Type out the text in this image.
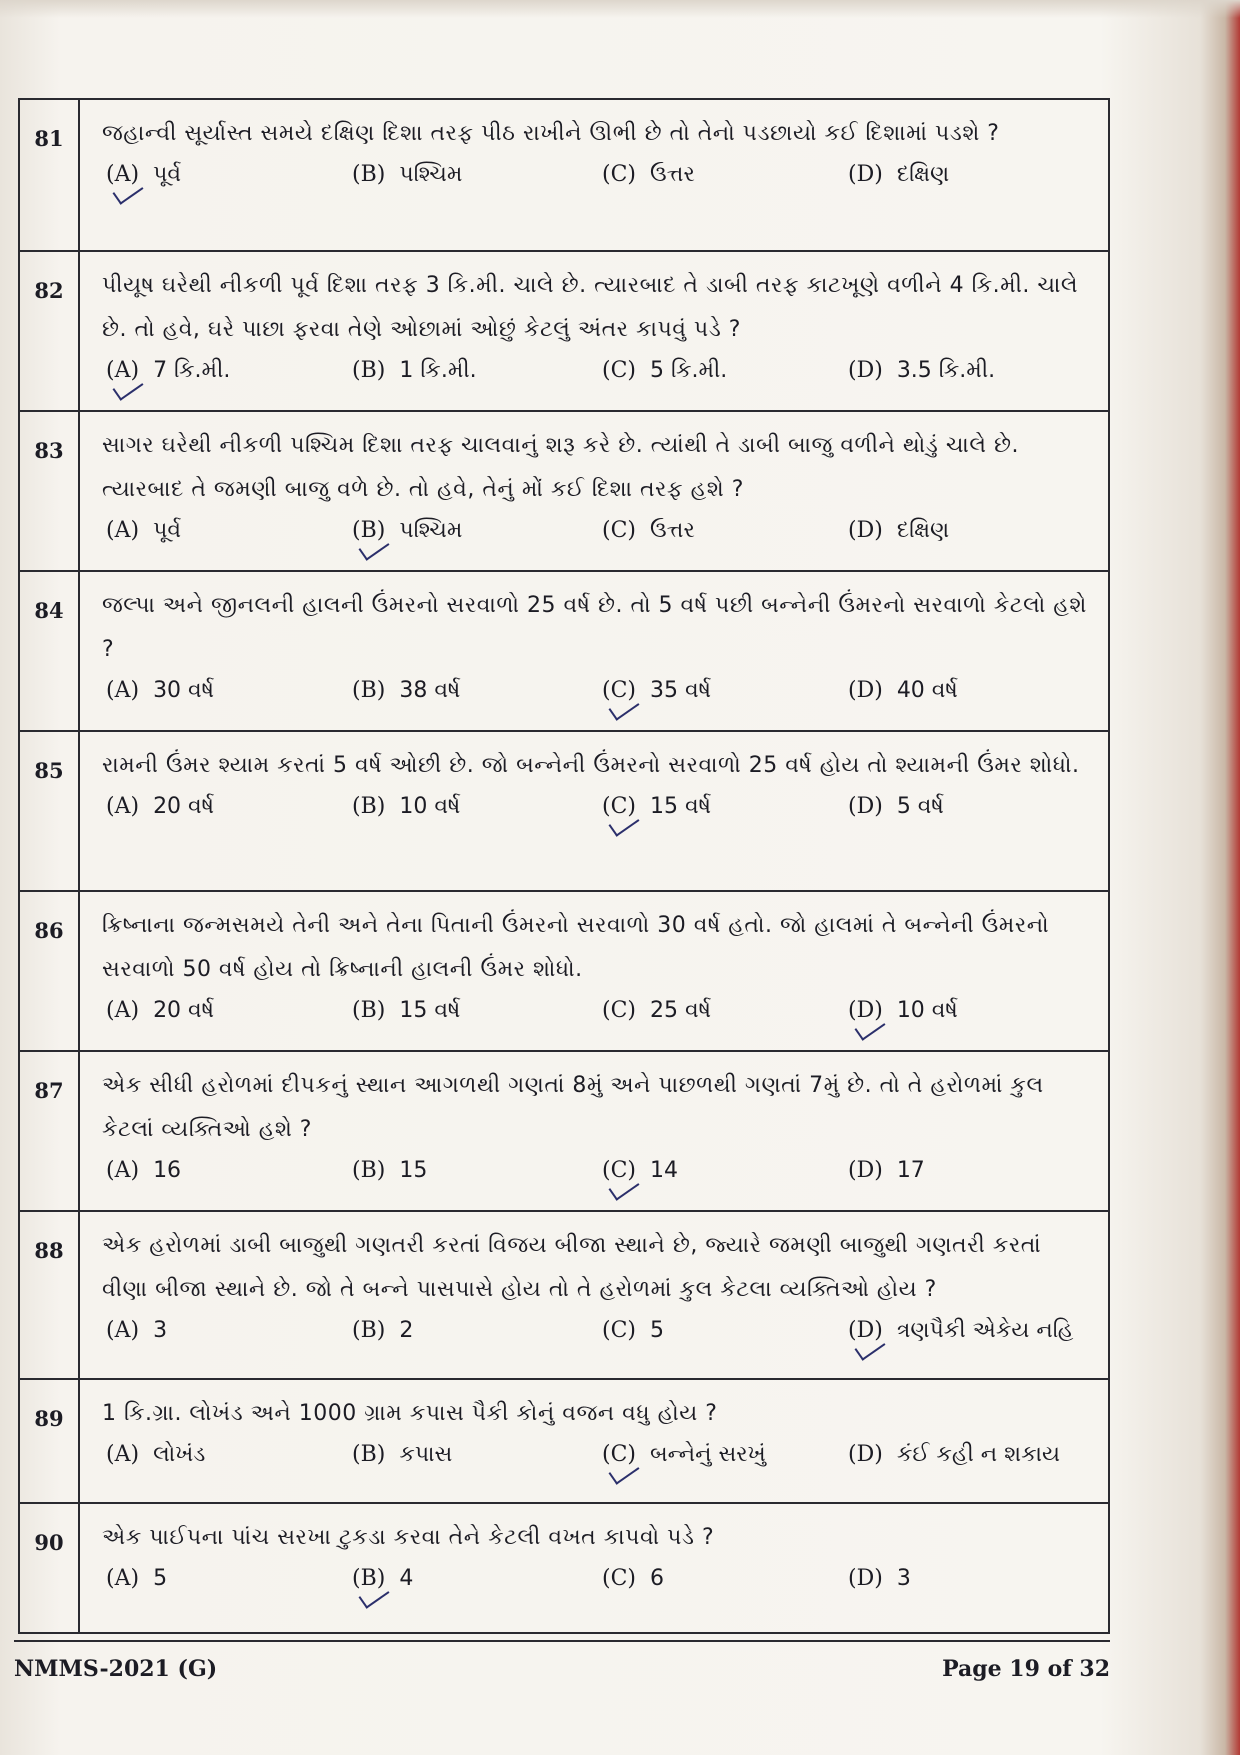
81	જહાન્વી સૂર્યાસ્ત સમયે દક્ષિણ દિશા તરફ પીઠ રાખીને ઊભી છે તો તેનો પડછાયો કઈ દિશામાં પડશે ?
(A) પૂર્વ	(B) પશ્ચિમ	(C) ઉત્તર	(D) દક્ષિણ
82	પીયૂષ ઘરેથી નીકળી પૂર્વ દિશા તરફ 3 કિ.મી. ચાલે છે. ત્યારબાદ તે ડાબી તરફ કાટખૂણે વળીને 4 કિ.મી. ચાલે છે. તો હવે, ઘરે પાછા ફરવા તેણે ઓછામાં ઓછું કેટલું અંતર કાપવું પડે ?
(A) 7 કિ.મી.	(B) 1 કિ.મી.	(C) 5 કિ.મી.	(D) 3.5 કિ.મી.
83	સાગર ઘરેથી નીકળી પશ્ચિમ દિશા તરફ ચાલવાનું શરૂ કરે છે. ત્યાંથી તે ડાબી બાજુ વળીને થોડું ચાલે છે. ત્યારબાદ તે જમણી બાજુ વળે છે. તો હવે, તેનું મોં કઈ દિશા તરફ હશે ?
(A) પૂર્વ	(B) પશ્ચિમ	(C) ઉત્તર	(D) દક્ષિણ
84	જલ્પા અને જીનલની હાલની ઉંમરનો સરવાળો 25 વર્ષ છે. તો 5 વર્ષ પછી બન્નેની ઉંમરનો સરવાળો કેટલો હશે ?
(A) 30 વર્ષ	(B) 38 વર્ષ	(C) 35 વર્ષ	(D) 40 વર્ષ
85	રામની ઉંમર શ્યામ કરતાં 5 વર્ષ ઓછી છે. જો બન્નેની ઉંમરનો સરવાળો 25 વર્ષ હોય તો શ્યામની ઉંમર શોધો.
(A) 20 વર્ષ	(B) 10 વર્ષ	(C) 15 વર્ષ	(D) 5 વર્ષ
86	ક્રિષ્નાના જન્મસમયે તેની અને તેના પિતાની ઉંમરનો સરવાળો 30 વર્ષ હતો. જો હાલમાં તે બન્નેની ઉંમરનો સરવાળો 50 વર્ષ હોય તો ક્રિષ્નાની હાલની ઉંમર શોધો.
(A) 20 વર્ષ	(B) 15 વર્ષ	(C) 25 વર્ષ	(D) 10 વર્ષ
87	એક સીધી હરોળમાં દીપકનું સ્થાન આગળથી ગણતાં 8મું અને પાછળથી ગણતાં 7મું છે. તો તે હરોળમાં કુલ કેટલાં વ્યક્તિઓ હશે ?
(A) 16	(B) 15	(C) 14	(D) 17
88	એક હરોળમાં ડાબી બાજુથી ગણતરી કરતાં વિજય બીજા સ્થાને છે, જ્યારે જમણી બાજુથી ગણતરી કરતાં વીણા બીજા સ્થાને છે. જો તે બન્ને પાસપાસે હોય તો તે હરોળમાં કુલ કેટલા વ્યક્તિઓ હોય ?
(A) 3	(B) 2	(C) 5	(D) ત્રણપૈકી એકેય નહિ
89	1 કિ.ગ્રા. લોખંડ અને 1000 ગ્રામ કપાસ પૈકી કોનું વજન વધુ હોય ?
(A) લોખંડ	(B) કપાસ	(C) બન્નેનું સરખું	(D) કંઈ કહી ન શકાય
90	એક પાઈપના પાંચ સરખા ટુકડા કરવા તેને કેટલી વખત કાપવો પડે ?
(A) 5	(B) 4	(C) 6	(D) 3
NMMS-2021 (G)	Page 19 of 32
